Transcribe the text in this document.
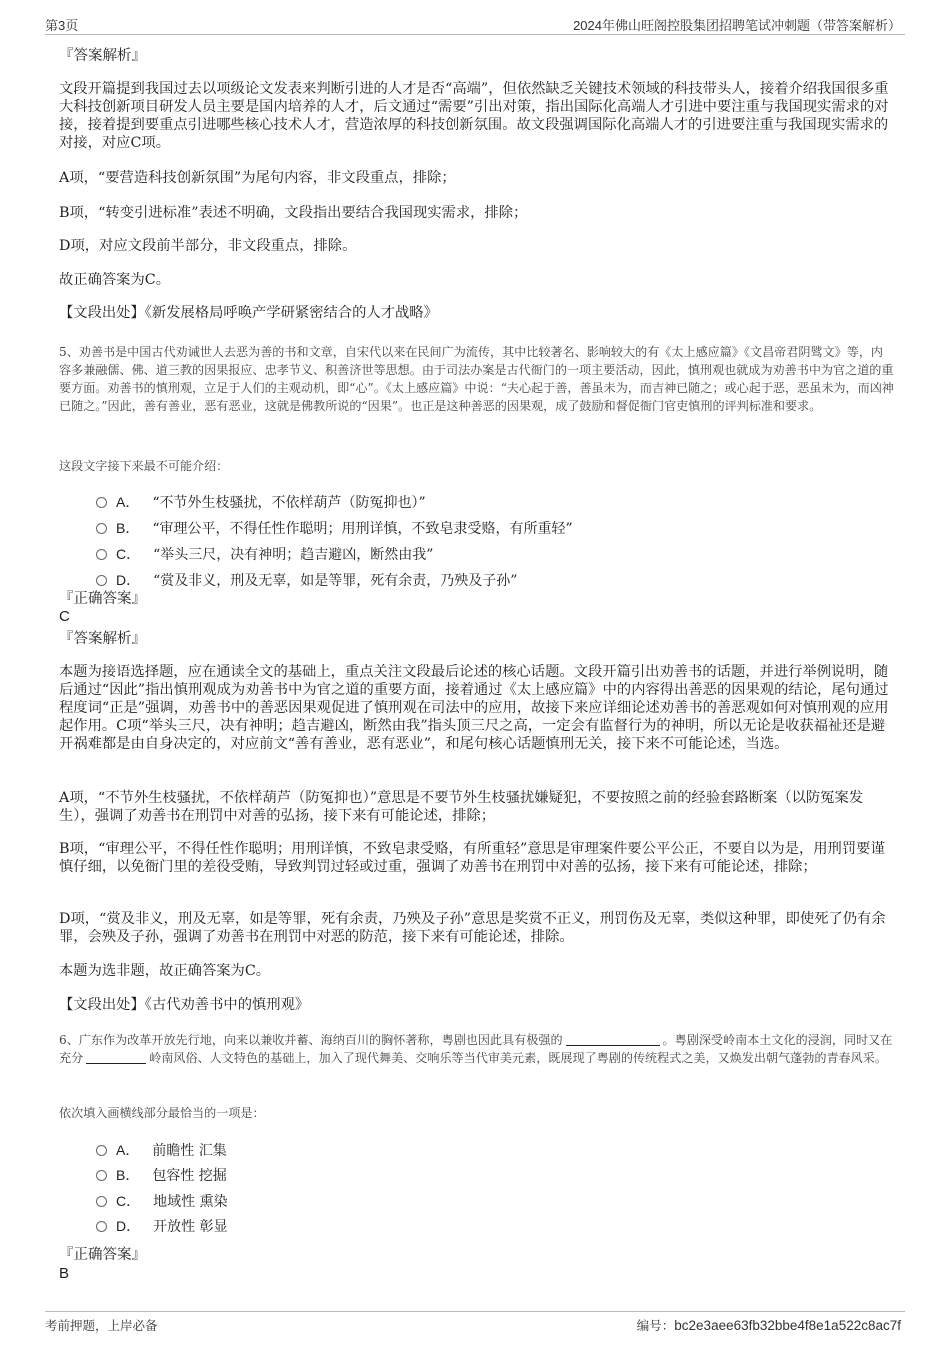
第3页	2024年佛山旺阁控股集团招聘笔试冲刺题（带答案解析）
『答案解析』

文段开篇提到我国过去以项级论文发表来判断引进的人才是否“高端”，但依然缺乏关键技术领域的科技带头人，接着介绍我国很多重大科技创新项目研发人员主要是国内培养的人才，后文通过“需要”引出对策，指出国际化高端人才引进中要注重与我国现实需求的对接，接着提到要重点引进哪些核心技术人才，营造浓厚的科技创新氛围。故文段强调国际化高端人才的引进要注重与我国现实需求的对接，对应C项。

A项，“要营造科技创新氛围”为尾句内容，非文段重点，排除；

B项，“转变引进标准”表述不明确，文段指出要结合我国现实需求，排除；

D项，对应文段前半部分，非文段重点，排除。

故正确答案为C。

【文段出处】《新发展格局呼唤产学研紧密结合的人才战略》

5、劝善书是中国古代劝诫世人去恶为善的书和文章，自宋代以来在民间广为流传，其中比较著名、影响较大的有《太上感应篇》《文昌帝君阴骘文》等，内容多兼融儒、佛、道三教的因果报应、忠孝节义、积善济世等思想。由于司法办案是古代衙门的一项主要活动，因此，慎刑观也就成为劝善书中为官之道的重要方面。劝善书的慎刑观，立足于人们的主观动机，即“心”。《太上感应篇》中说：“夫心起于善，善虽未为，而吉神已随之；或心起于恶，恶虽未为，而凶神已随之。”因此，善有善业，恶有恶业，这就是佛教所说的“因果”。也正是这种善恶的因果观，成了鼓励和督促衙门官吏慎刑的评判标准和要求。

这段文字接下来最不可能介绍：

A． “不节外生枝骚扰，不依样葫芦（防冤抑也）”
B． “审理公平，不得任性作聪明；用刑详慎，不致皂隶受赂，有所重轻”
C． “举头三尺，决有神明；趋吉避凶，断然由我”
D． “赏及非义，刑及无辜，如是等罪，死有余责，乃殃及子孙”
『正确答案』
C
『答案解析』

本题为接语选择题，应在通读全文的基础上，重点关注文段最后论述的核心话题。文段开篇引出劝善书的话题，并进行举例说明，随后通过“因此”指出慎刑观成为劝善书中为官之道的重要方面，接着通过《太上感应篇》中的内容得出善恶的因果观的结论，尾句通过程度词“正是”强调，劝善书中的善恶因果观促进了慎刑观在司法中的应用，故接下来应详细论述劝善书的善恶观如何对慎刑观的应用起作用。C项“举头三尺，决有神明；趋吉避凶，断然由我”指头顶三尺之高，一定会有监督行为的神明，所以无论是收获福祉还是避开祸难都是由自身决定的，对应前文“善有善业，恶有恶业”，和尾句核心话题慎刑无关，接下来不可能论述，当选。

A项，“不节外生枝骚扰，不依样葫芦（防冤抑也）”意思是不要节外生枝骚扰嫌疑犯，不要按照之前的经验套路断案（以防冤案发生），强调了劝善书在刑罚中对善的弘扬，接下来有可能论述，排除；

B项，“审理公平，不得任性作聪明；用刑详慎，不致皂隶受赂，有所重轻”意思是审理案件要公平公正，不要自以为是，用刑罚要谨慎仔细，以免衙门里的差役受贿，导致判罚过轻或过重，强调了劝善书在刑罚中对善的弘扬，接下来有可能论述，排除；

D项，“赏及非义，刑及无辜，如是等罪，死有余责，乃殃及子孙”意思是奖赏不正义，刑罚伤及无辜，类似这种罪，即使死了仍有余罪，会殃及子孙，强调了劝善书在刑罚中对恶的防范，接下来有可能论述，排除。

本题为选非题，故正确答案为C。

【文段出处】《古代劝善书中的慎刑观》

6、广东作为改革开放先行地，向来以兼收并蓄、海纳百川的胸怀著称，粤剧也因此具有极强的	。粤剧深受岭南本土文化的浸润，同时又在充分	岭南风俗、人文特色的基础上，加入了现代舞美、交响乐等当代审美元素，既展现了粤剧的传统程式之美，又焕发出朝气蓬勃的青春风采。

依次填入画横线部分最恰当的一项是：

A． 前瞻性 汇集
B． 包容性 挖掘
C． 地域性 熏染
D． 开放性 彰显
『正确答案』
B
考前押题，上岸必备	编号：bc2e3aee63fb32bbe4f8e1a522c8ac7f
